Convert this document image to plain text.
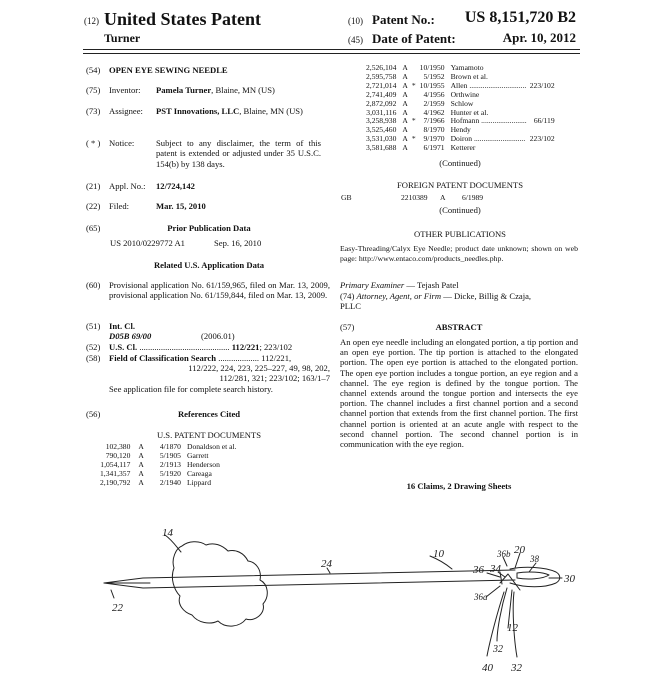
(12) United States Patent
Turner
(10) Patent No.:	US 8,151,720 B2
(45) Date of Patent:	Apr. 10, 2012
(54) OPEN EYE SEWING NEEDLE
(75) Inventor: Pamela Turner, Blaine, MN (US)
(73) Assignee: PST Innovations, LLC, Blaine, MN (US)
( * ) Notice:	Subject to any disclaimer, the term of this patent is extended or adjusted under 35 U.S.C. 154(b) by 138 days.
(21) Appl. No.: 12/724,142
(22) Filed:	Mar. 15, 2010
(65)	Prior Publication Data
US 2010/0229772 A1	Sep. 16, 2010
Related U.S. Application Data
(60) Provisional application No. 61/159,965, filed on Mar. 13, 2009, provisional application No. 61/159,844, filed on Mar. 13, 2009.
(51) Int. Cl.
D05B 69/00	(2006.01)
(52) U.S. Cl. .......................................... 112/221; 223/102
(58) Field of Classification Search ................... 112/221,
112/222, 224, 223, 225–227, 49, 98, 202,
112/281, 321; 223/102; 163/1–7
See application file for complete search history.
(56)	References Cited
U.S. PATENT DOCUMENTS
102,380	A	4/1870	Donaldson et al.
790,120	A	5/1905	Garrett
1,054,117	A	2/1913	Henderson
1,341,357	A	5/1920	Careaga
2,190,792	A	2/1940	Lippard
2,526,104	A		10/1950	Yamamoto	
2,595,758	A		5/1952	Brown et al.	
2,721,014	A	*	10/1955	Allen ..............................	223/102
2,741,409	A		4/1956	Orthwine	
2,872,092	A		2/1959	Schlow	
3,031,116	A		4/1962	Hunter et al.	
3,258,938	A	*	7/1966	Hofmann ........................	66/119
3,525,460	A		8/1970	Hendy	
3,531,030	A	*	9/1970	Doiron ...........................	223/102
3,581,688	A		6/1971	Ketterer	
(Continued)
FOREIGN PATENT DOCUMENTS
GB	2210389 A 6/1989
(Continued)
OTHER PUBLICATIONS
Easy-Threading/Calyx Eye Needle; product date unknown; shown on web page: http://www.entaco.com/products_needles.php.
Primary Examiner — Tejash Patel
(74) Attorney, Agent, or Firm — Dicke, Billig & Czaja,
PLLC
(57)	ABSTRACT
An open eye needle including an elongated portion, a tip portion and an open eye portion. The tip portion is attached to the elongated portion. The open eye portion is attached to the elongated portion. The open eye portion includes a tongue portion, an eye region and a channel. The eye region is defined by the tongue portion. The channel extends around the tongue portion and intersects the eye portion. The channel includes a first channel portion and a second channel portion that extends from the first channel portion. The first channel portion is oriented at an acute angle with respect to the second channel portion. The second channel portion is in communication with the eye region.
16 Claims, 2 Drawing Sheets
14
24
10
36 34
36b 20
38
30
22
36a
12
32
40 32
